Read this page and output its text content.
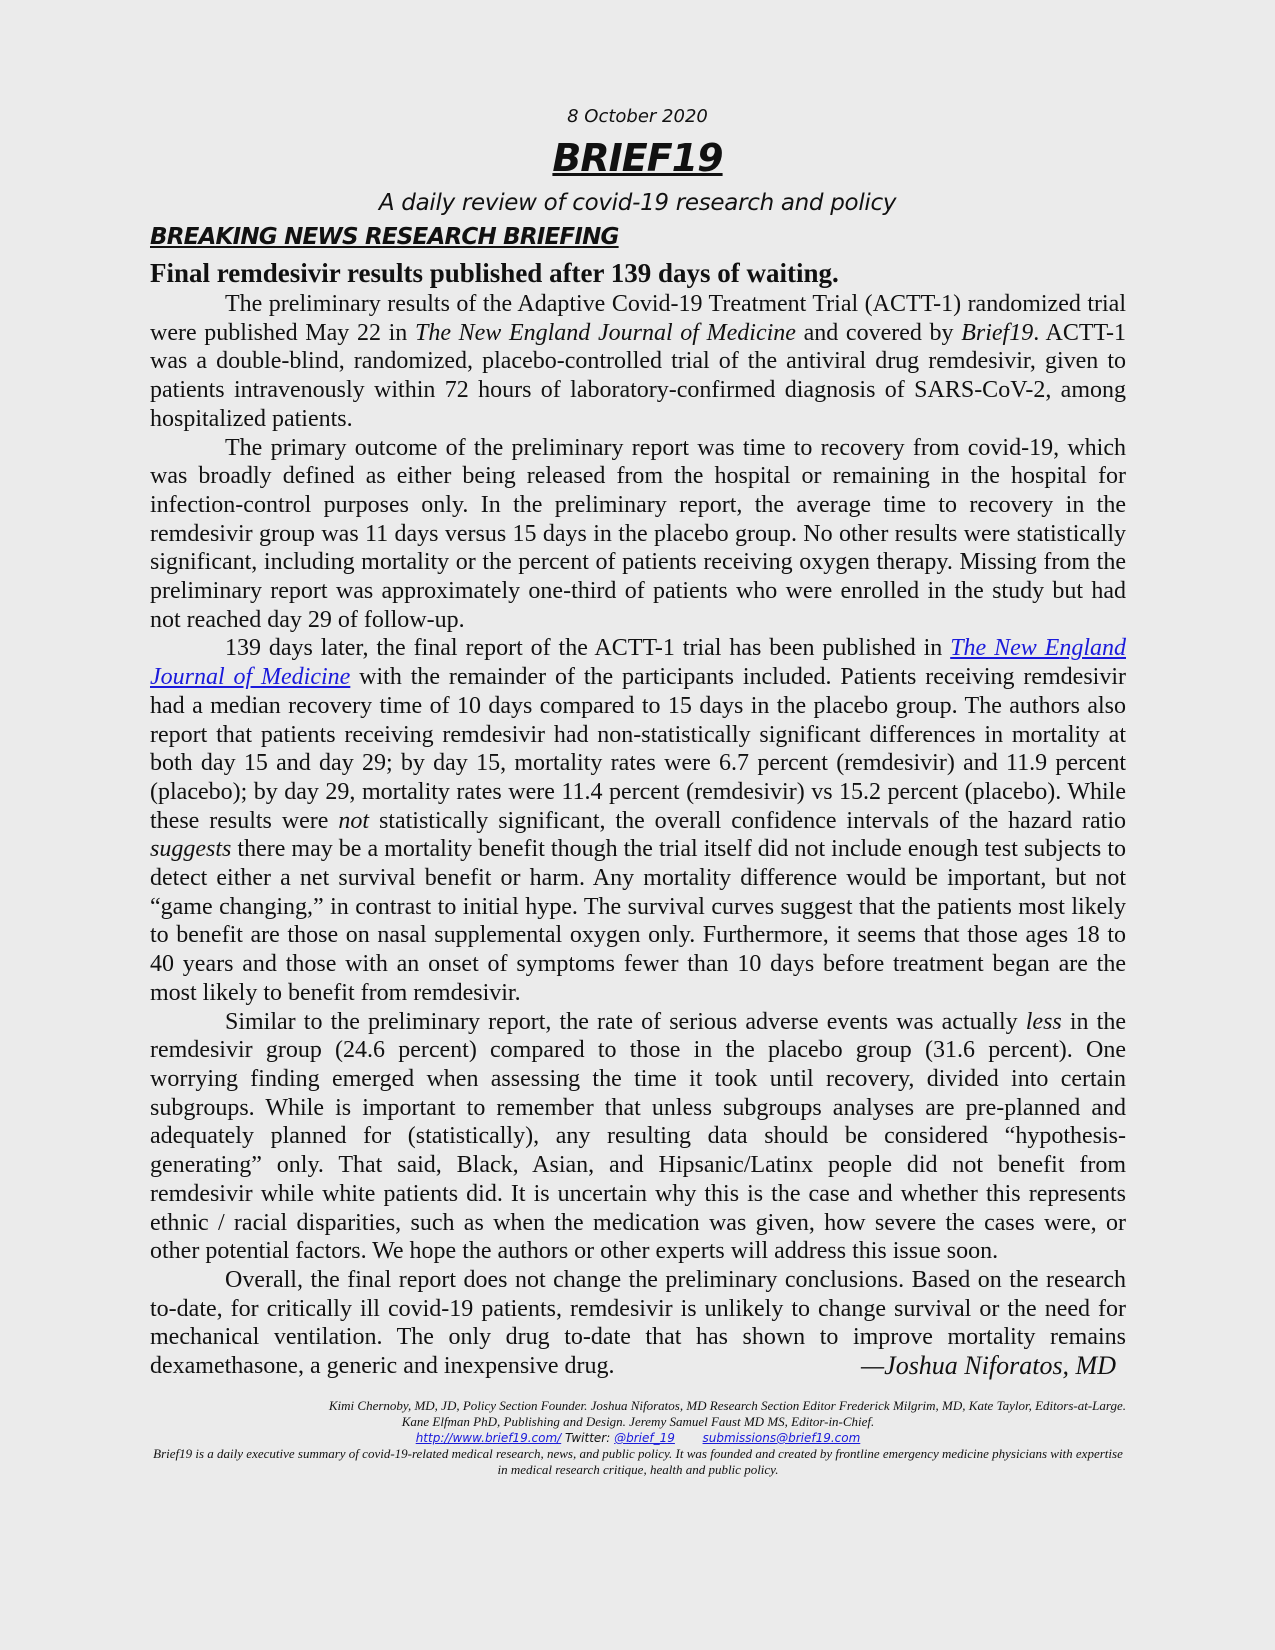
8 October 2020
BRIEF19
A daily review of covid-19 research and policy
BREAKING NEWS RESEARCH BRIEFING
Final remdesivir results published after 139 days of waiting.

The preliminary results of the Adaptive Covid-19 Treatment Trial (ACTT-1) randomized trial were published May 22 in The New England Journal of Medicine and covered by Brief19. ACTT-1 was a double-blind, randomized, placebo-controlled trial of the antiviral drug remdesivir, given to patients intravenously within 72 hours of laboratory-confirmed diagnosis of SARS-CoV-2, among hospitalized patients.

The primary outcome of the preliminary report was time to recovery from covid-19, which was broadly defined as either being released from the hospital or remaining in the hospital for infection-control purposes only. In the preliminary report, the average time to recovery in the remdesivir group was 11 days versus 15 days in the placebo group. No other results were statistically significant, including mortality or the percent of patients receiving oxygen therapy. Missing from the preliminary report was approximately one-third of patients who were enrolled in the study but had not reached day 29 of follow-up.

139 days later, the final report of the ACTT-1 trial has been published in The New England Journal of Medicine with the remainder of the participants included. Patients receiving remdesivir had a median recovery time of 10 days compared to 15 days in the placebo group. The authors also report that patients receiving remdesivir had non-statistically significant differences in mortality at both day 15 and day 29; by day 15, mortality rates were 6.7 percent (remdesivir) and 11.9 percent (placebo); by day 29, mortality rates were 11.4 percent (remdesivir) vs 15.2 percent (placebo). While these results were not statistically significant, the overall confidence intervals of the hazard ratio suggests there may be a mortality benefit though the trial itself did not include enough test subjects to detect either a net survival benefit or harm. Any mortality difference would be important, but not “game changing,” in contrast to initial hype. The survival curves suggest that the patients most likely to benefit are those on nasal supplemental oxygen only. Furthermore, it seems that those ages 18 to 40 years and those with an onset of symptoms fewer than 10 days before treatment began are the most likely to benefit from remdesivir.

Similar to the preliminary report, the rate of serious adverse events was actually less in the remdesivir group (24.6 percent) compared to those in the placebo group (31.6 percent). One worrying finding emerged when assessing the time it took until recovery, divided into certain subgroups. While is important to remember that unless subgroups analyses are pre-planned and adequately planned for (statistically), any resulting data should be considered “hypothesis-generating” only. That said, Black, Asian, and Hipsanic/Latinx people did not benefit from remdesivir while white patients did. It is uncertain why this is the case and whether this represents ethnic / racial disparities, such as when the medication was given, how severe the cases were, or other potential factors. We hope the authors or other experts will address this issue soon.

Overall, the final report does not change the preliminary conclusions. Based on the research to-date, for critically ill covid-19 patients, remdesivir is unlikely to change survival or the need for mechanical ventilation. The only drug to-date that has shown to improve mortality remains dexamethasone, a generic and inexpensive drug.	—Joshua Niforatos, MD

Kimi Chernoby, MD, JD, Policy Section Founder. Joshua Niforatos, MD Research Section Editor Frederick Milgrim, MD, Kate Taylor, Editors-at-Large.
Kane Elfman PhD, Publishing and Design. Jeremy Samuel Faust MD MS, Editor-in-Chief.
http://www.brief19.com/ Twitter: @brief_19 submissions@brief19.com
Brief19 is a daily executive summary of covid-19-related medical research, news, and public policy. It was founded and created by frontline emergency medicine physicians with expertise in medical research critique, health and public policy.
